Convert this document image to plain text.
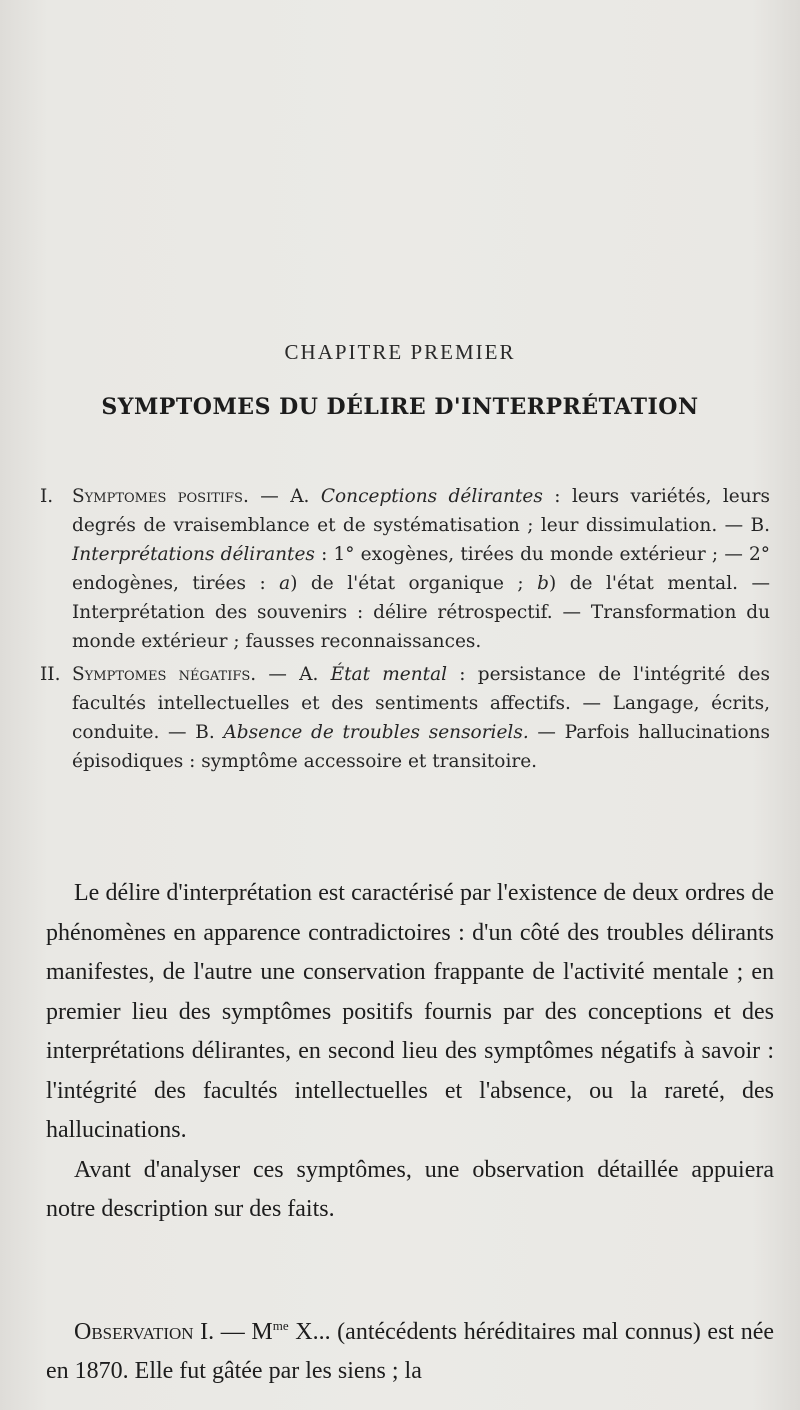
CHAPITRE PREMIER
SYMPTOMES DU DÉLIRE D'INTERPRÉTATION
I.	Symptomes positifs. — A. Conceptions délirantes : leurs variétés, leurs degrés de vraisemblance et de systématisation ; leur dissimulation. — B. Interprétations délirantes : 1° exogènes, tirées du monde extérieur ; — 2° endogènes, tirées : a) de l'état organique ; b) de l'état mental. — Interprétation des souvenirs : délire rétrospectif. — Transformation du monde extérieur ; fausses reconnaissances.
II. Symptomes négatifs. — A. État mental : persistance de l'intégrité des facultés intellectuelles et des sentiments affectifs. — Langage, écrits, conduite. — B. Absence de troubles sensoriels. — Parfois hallucinations épisodiques : symptôme accessoire et transitoire.

Le délire d'interprétation est caractérisé par l'existence de deux ordres de phénomènes en apparence contradictoires : d'un côté des troubles délirants manifestes, de l'autre une conservation frappante de l'activité mentale ; en premier lieu des symptômes positifs fournis par des conceptions et des interprétations délirantes, en second lieu des symptômes négatifs à savoir : l'intégrité des facultés intellectuelles et l'absence, ou la rareté, des hallucinations.

Avant d'analyser ces symptômes, une observation détaillée appuiera notre description sur des faits.

Observation I. — $M^{me}$ X... (antécédents héréditaires mal connus) est née en 1870. Elle fut gâtée par les siens ; la
